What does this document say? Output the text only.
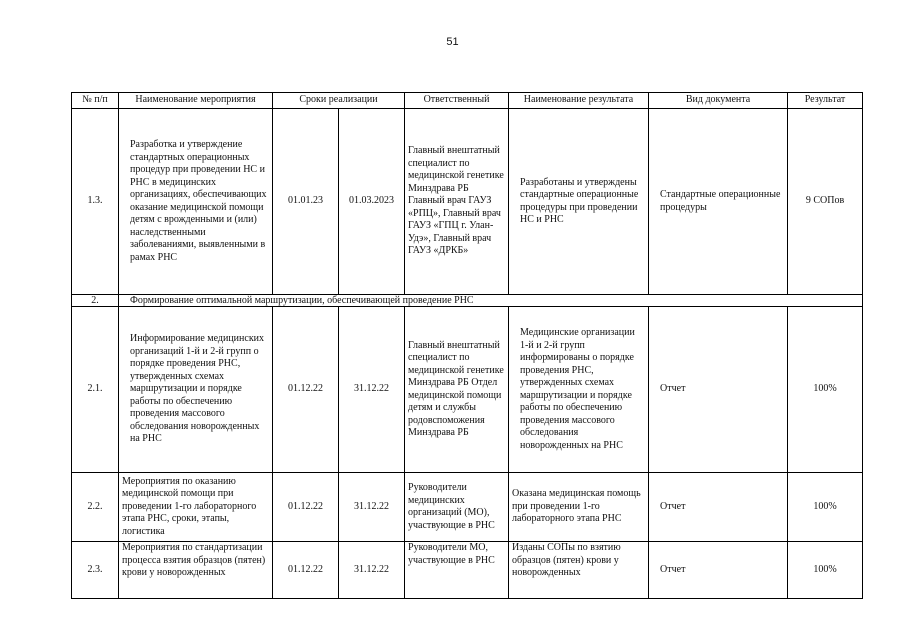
51
№ п/п	Наименование мероприятия	Сроки реализации		Ответственный	Наименование результата	Вид документа	Результат
1.3.	Разработка и утверждение стандартных операционных процедур при проведении НС и РНС в медицинских организациях, обеспечивающих оказание медицинской помощи детям с врожденными и (или) наследственными заболеваниями, выявленными в рамах РНС	01.01.23	01.03.2023	Главный внештатный специалист по медицинской генетике Минздрава РБ Главный врач ГАУЗ «РПЦ», Главный врач ГАУЗ «ГПЦ г. Улан-Удэ», Главный врач ГАУЗ «ДРКБ»	Разработаны и утверждены стандартные операционные процедуры при проведении НС и РНС	Стандартные операционные процедуры	9 СОПов
2.	Формирование оптимальной маршрутизации, обеспечивающей проведение РНС						
2.1.	Информирование медицинских организаций 1-й и 2-й групп о порядке проведения РНС, утвержденных схемах маршрутизации и порядке работы по обеспечению проведения массового обследования новорожденных на РНС	01.12.22	31.12.22	Главный внештатный специалист по медицинской генетике Минздрава РБ Отдел медицинской помощи детям и службы родовспоможения Минздрава РБ	Медицинские организации 1-й и 2-й групп информированы о порядке проведения РНС, утвержденных схемах маршрутизации и порядке работы по обеспечению проведения массового обследования новорожденных на РНС	Отчет	100%
2.2.	Мероприятия по оказанию медицинской помощи при проведении 1-го лабораторного этапа РНС, сроки, этапы, логистика	01.12.22	31.12.22	Руководители медицинских организаций (МО), участвующие в РНС	Оказана медицинская помощь при проведении 1-го лабораторного этапа РНС	Отчет	100%
2.3.	Мероприятия по стандартизации процесса взятия образцов (пятен) крови у новорожденных	01.12.22	31.12.22	Руководители МО, участвующие в РНС	Изданы СОПы по взятию образцов (пятен) крови у новорожденных	Отчет	100%
